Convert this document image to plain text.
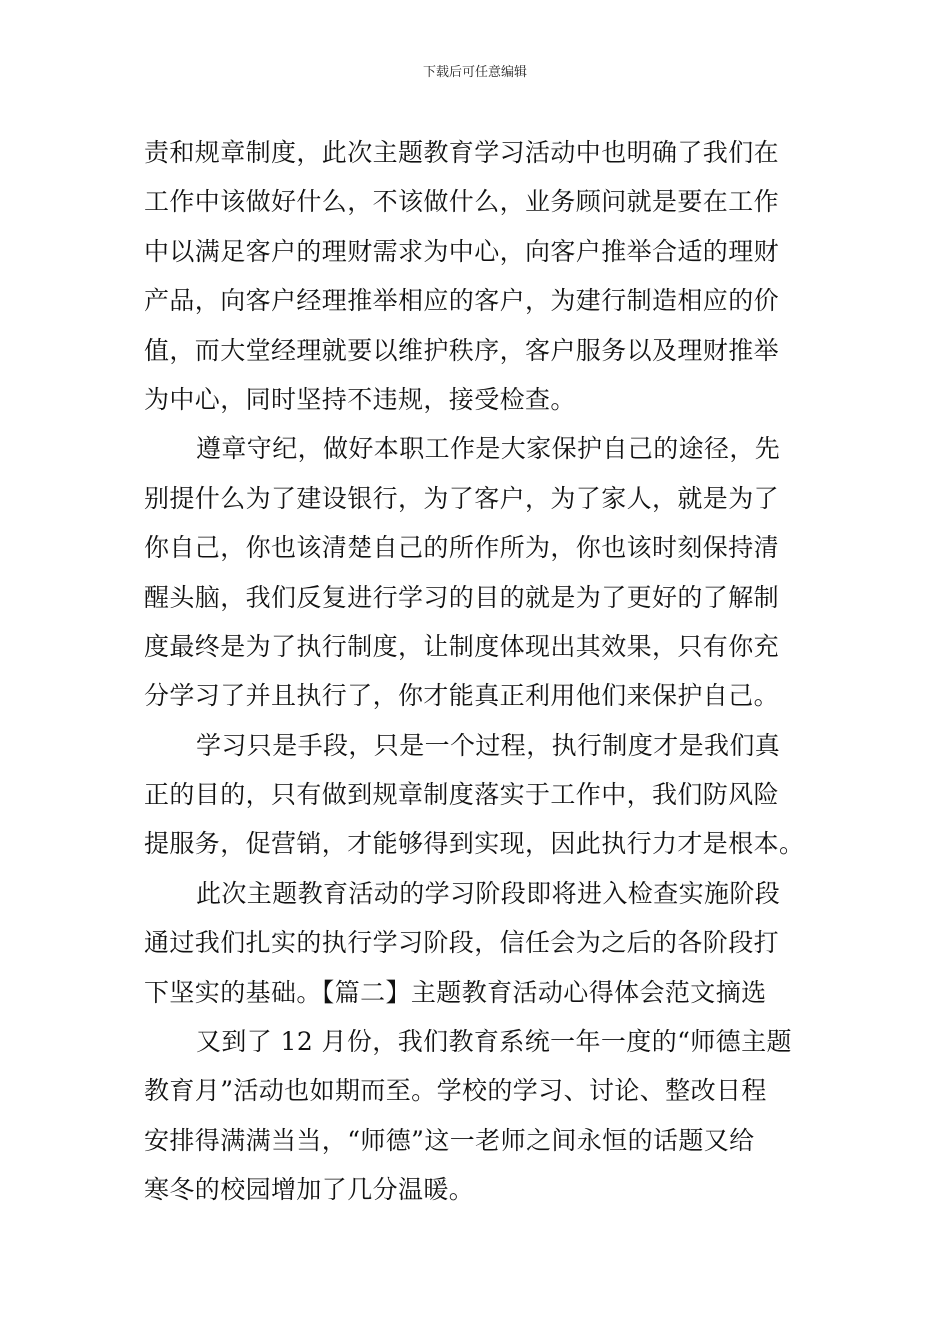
下载后可任意编辑
责和规章制度，此次主题教育学习活动中也明确了我们在
工作中该做好什么，不该做什么，业务顾问就是要在工作
中以满足客户的理财需求为中心，向客户推举合适的理财
产品，向客户经理推举相应的客户，为建行制造相应的价
值，而大堂经理就要以维护秩序，客户服务以及理财推举
为中心，同时坚持不违规，接受检查。
遵章守纪，做好本职工作是大家保护自己的途径，先
别提什么为了建设银行，为了客户，为了家人，就是为了
你自己，你也该清楚自己的所作所为，你也该时刻保持清
醒头脑，我们反复进行学习的目的就是为了更好的了解制
度最终是为了执行制度，让制度体现出其效果，只有你充
分学习了并且执行了，你才能真正利用他们来保护自己。
学习只是手段，只是一个过程，执行制度才是我们真
正的目的，只有做到规章制度落实于工作中，我们防风险
提服务，促营销，才能够得到实现，因此执行力才是根本。
此次主题教育活动的学习阶段即将进入检查实施阶段
通过我们扎实的执行学习阶段，信任会为之后的各阶段打
下坚实的基础。【篇二】主题教育活动心得体会范文摘选
又到了 12 月份，我们教育系统一年一度的“师德主题
教育月”活动也如期而至。学校的学习、讨论、整改日程
安排得满满当当，“师德”这一老师之间永恒的话题又给
寒冬的校园增加了几分温暖。
